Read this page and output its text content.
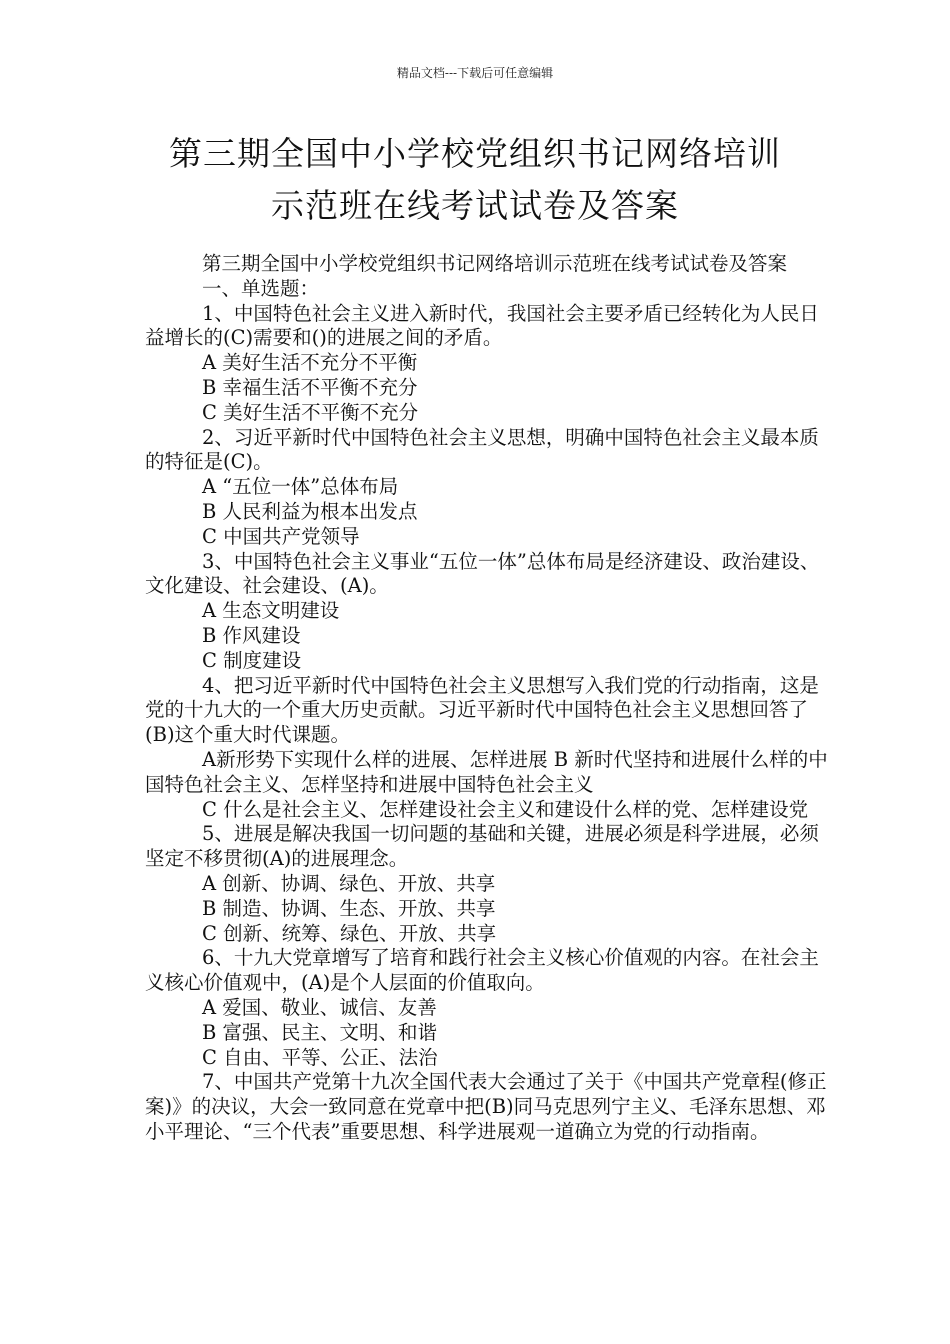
精品文档---下载后可任意编辑
第三期全国中小学校党组织书记网络培训
示范班在线考试试卷及答案

第三期全国中小学校党组织书记网络培训示范班在线考试试卷及答案

一、单选题：

1、中国特色社会主义进入新时代，我国社会主要矛盾已经转化为人民日益增长的(C)需要和()的进展之间的矛盾。

A 美好生活不充分不平衡

B 幸福生活不平衡不充分

C 美好生活不平衡不充分

2、习近平新时代中国特色社会主义思想，明确中国特色社会主义最本质的特征是(C)。

A “五位一体”总体布局

B 人民利益为根本出发点

C 中国共产党领导

3、中国特色社会主义事业“五位一体”总体布局是经济建设、政治建设、文化建设、社会建设、(A)。

A 生态文明建设

B 作风建设

C 制度建设

4、把习近平新时代中国特色社会主义思想写入我们党的行动指南，这是党的十九大的一个重大历史贡献。习近平新时代中国特色社会主义思想回答了(B)这个重大时代课题。

A新形势下实现什么样的进展、怎样进展 B 新时代坚持和进展什么样的中国特色社会主义、怎样坚持和进展中国特色社会主义

C 什么是社会主义、怎样建设社会主义和建设什么样的党、怎样建设党

5、进展是解决我国一切问题的基础和关键，进展必须是科学进展，必须坚定不移贯彻(A)的进展理念。

A 创新、协调、绿色、开放、共享

B 制造、协调、生态、开放、共享

C 创新、统筹、绿色、开放、共享

6、十九大党章增写了培育和践行社会主义核心价值观的内容。在社会主义核心价值观中，(A)是个人层面的价值取向。

A 爱国、敬业、诚信、友善

B 富强、民主、文明、和谐

C 自由、平等、公正、法治

7、中国共产党第十九次全国代表大会通过了关于《中国共产党章程(修正案)》的决议，大会一致同意在党章中把(B)同马克思列宁主义、毛泽东思想、邓小平理论、“三个代表”重要思想、科学进展观一道确立为党的行动指南。
